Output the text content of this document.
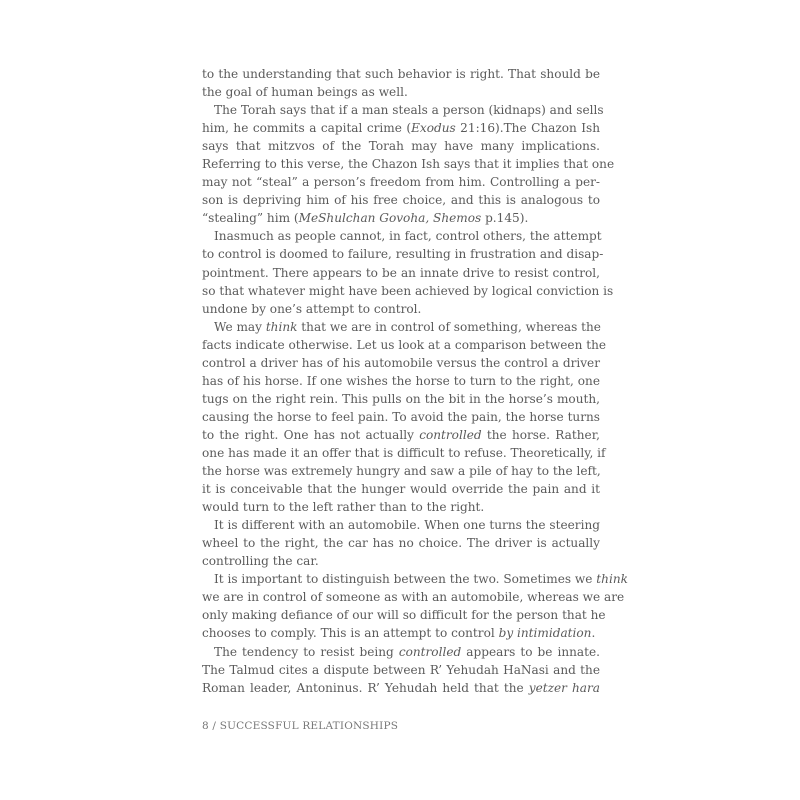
to the understanding that such behavior is right. That should be
the goal of human beings as well.
The Torah says that if a man steals a person (kidnaps) and sells
him, he commits a capital crime (Exodus 21:16).The Chazon Ish
says that mitzvos of the Torah may have many implications.
Referring to this verse, the Chazon Ish says that it implies that one
may not “steal” a person’s freedom from him. Controlling a per-
son is depriving him of his free choice, and this is analogous to
“stealing” him (MeShulchan Govoha, Shemos p.145).
Inasmuch as people cannot, in fact, control others, the attempt
to control is doomed to failure, resulting in frustration and disap-
pointment. There appears to be an innate drive to resist control,
so that whatever might have been achieved by logical conviction is
undone by one’s attempt to control.
We may think that we are in control of something, whereas the
facts indicate otherwise. Let us look at a comparison between the
control a driver has of his automobile versus the control a driver
has of his horse. If one wishes the horse to turn to the right, one
tugs on the right rein. This pulls on the bit in the horse’s mouth,
causing the horse to feel pain. To avoid the pain, the horse turns
to the right. One has not actually controlled the horse. Rather,
one has made it an offer that is difficult to refuse. Theoretically, if
the horse was extremely hungry and saw a pile of hay to the left,
it is conceivable that the hunger would override the pain and it
would turn to the left rather than to the right.
It is different with an automobile. When one turns the steering
wheel to the right, the car has no choice. The driver is actually
controlling the car.
It is important to distinguish between the two. Sometimes we think
we are in control of someone as with an automobile, whereas we are
only making defiance of our will so difficult for the person that he
chooses to comply. This is an attempt to control by intimidation.
The tendency to resist being controlled appears to be innate.
The Talmud cites a dispute between R’ Yehudah HaNasi and the
Roman leader, Antoninus. R’ Yehudah held that the yetzer hara
8 / SUCCESSFUL RELATIONSHIPS
